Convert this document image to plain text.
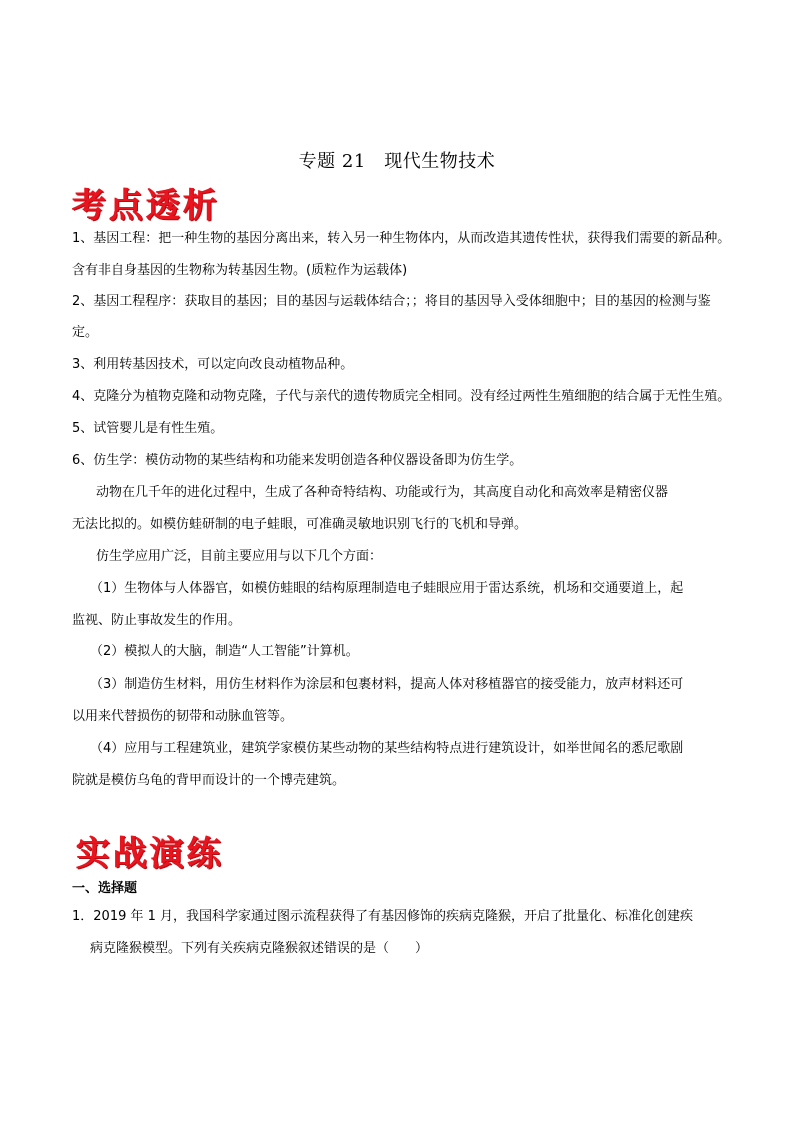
专题 21　现代生物技术
考点透析
1、基因工程：把一种生物的基因分离出来，转入另一种生物体内，从而改造其遗传性状，获得我们需要的新品种。
含有非自身基因的生物称为转基因生物。(质粒作为运载体)
2、基因工程程序：获取目的基因；目的基因与运载体结合；；将目的基因导入受体细胞中；目的基因的检测与鉴
定。
3、利用转基因技术，可以定向改良动植物品种。
4、克隆分为植物克隆和动物克隆，子代与亲代的遗传物质完全相同。没有经过两性生殖细胞的结合属于无性生殖。
5、试管婴儿是有性生殖。
6、仿生学：模仿动物的某些结构和功能来发明创造各种仪器设备即为仿生学。
动物在几千年的进化过程中，生成了各种奇特结构、功能或行为，其高度自动化和高效率是精密仪器
无法比拟的。如模仿蛙研制的电子蛙眼，可准确灵敏地识别飞行的飞机和导弹。
仿生学应用广泛，目前主要应用与以下几个方面：
（1）生物体与人体器官，如模仿蛙眼的结构原理制造电子蛙眼应用于雷达系统，机场和交通要道上，起
监视、防止事故发生的作用。
（2）模拟人的大脑，制造“人工智能”计算机。
（3）制造仿生材料，用仿生材料作为涂层和包裹材料，提高人体对移植器官的接受能力，放声材料还可
以用来代替损伤的韧带和动脉血管等。
（4）应用与工程建筑业，建筑学家模仿某些动物的某些结构特点进行建筑设计，如举世闻名的悉尼歌剧
院就是模仿乌龟的背甲而设计的一个博壳建筑。
实战演练
一、选择题
1．2019 年 1 月，我国科学家通过图示流程获得了有基因修饰的疾病克隆猴，开启了批量化、标准化创建疾
病克隆猴模型。下列有关疾病克隆猴叙述错误的是（　　）
